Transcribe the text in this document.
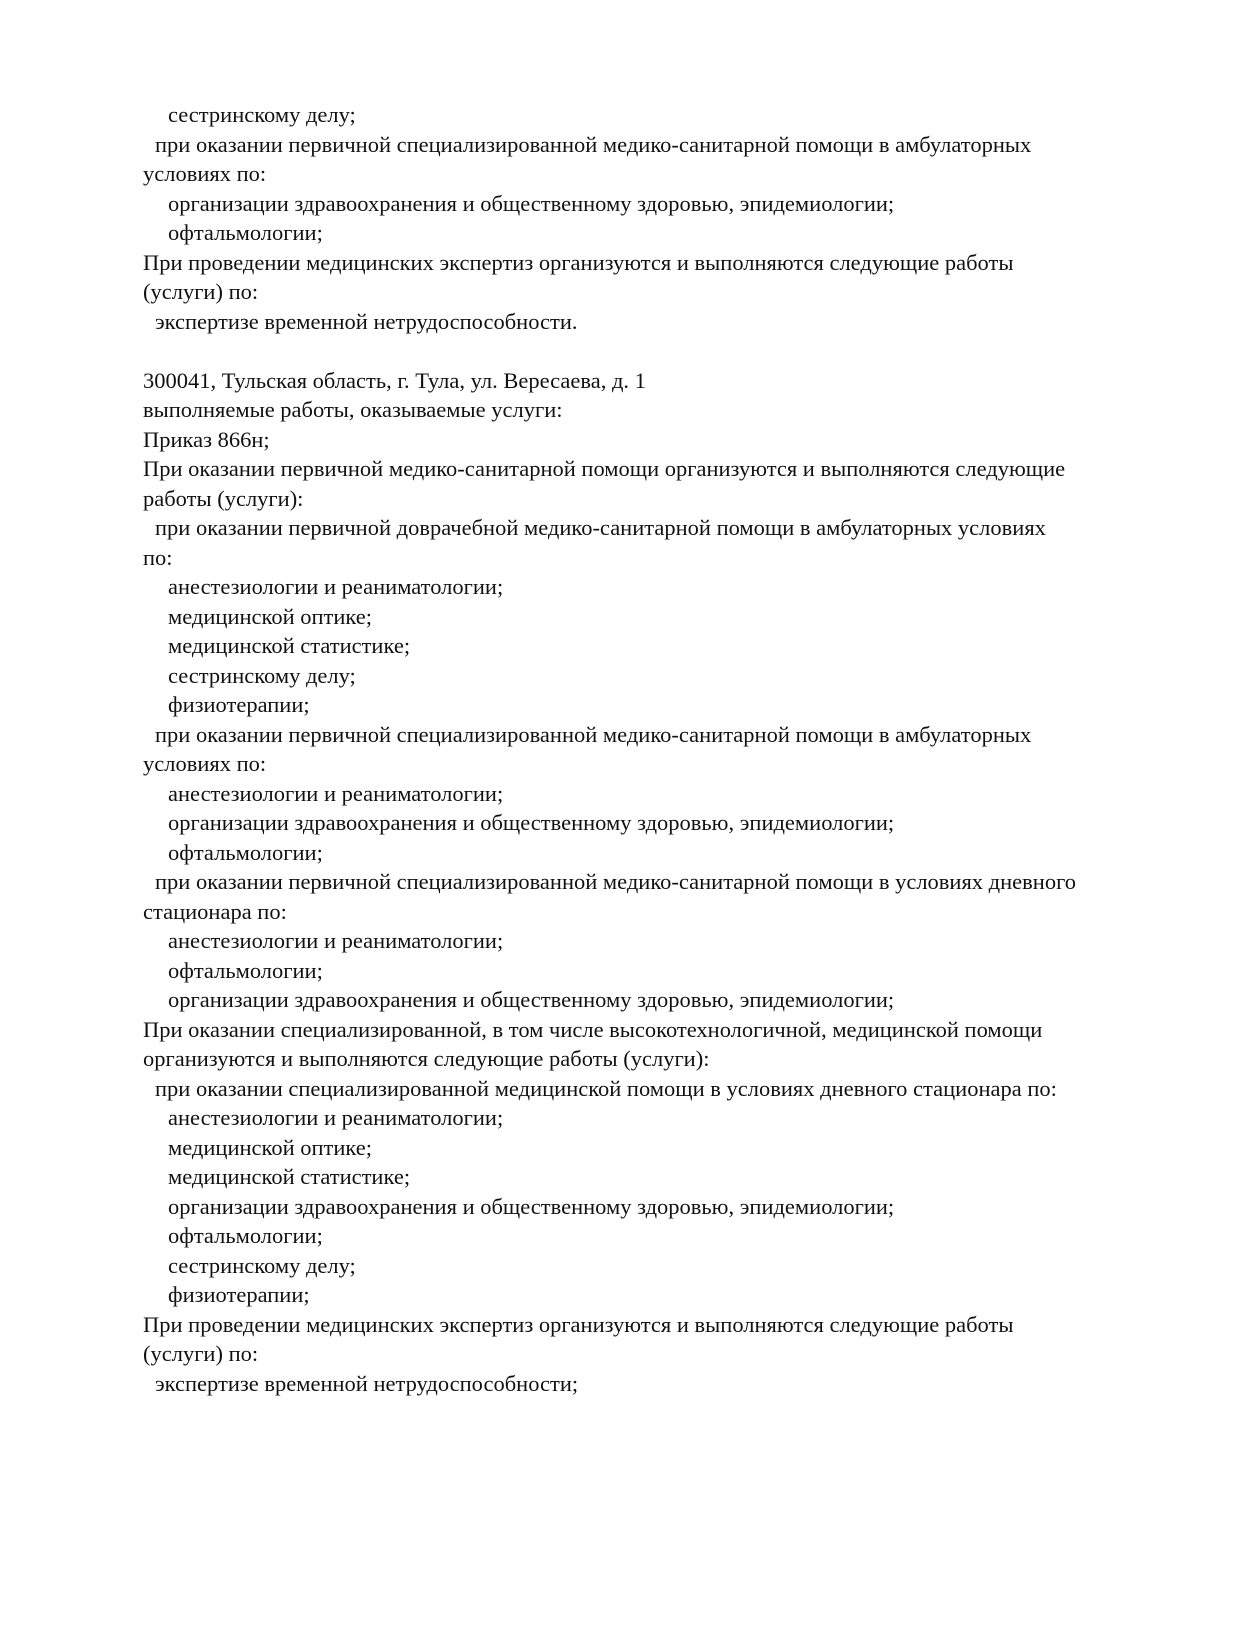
сестринскому делу;
при оказании первичной специализированной медико-санитарной помощи в амбулаторных
условиях по:
организации здравоохранения и общественному здоровью, эпидемиологии;
офтальмологии;
При проведении медицинских экспертиз организуются и выполняются следующие работы
(услуги) по:
экспертизе временной нетрудоспособности.
300041, Тульская область, г. Тула, ул. Вересаева, д. 1
выполняемые работы, оказываемые услуги:
Приказ 866н;
При оказании первичной медико-санитарной помощи организуются и выполняются следующие
работы (услуги):
при оказании первичной доврачебной медико-санитарной помощи в амбулаторных условиях
по:
анестезиологии и реаниматологии;
медицинской оптике;
медицинской статистике;
сестринскому делу;
физиотерапии;
при оказании первичной специализированной медико-санитарной помощи в амбулаторных
условиях по:
анестезиологии и реаниматологии;
организации здравоохранения и общественному здоровью, эпидемиологии;
офтальмологии;
при оказании первичной специализированной медико-санитарной помощи в условиях дневного
стационара по:
анестезиологии и реаниматологии;
офтальмологии;
организации здравоохранения и общественному здоровью, эпидемиологии;
При оказании специализированной, в том числе высокотехнологичной, медицинской помощи
организуются и выполняются следующие работы (услуги):
при оказании специализированной медицинской помощи в условиях дневного стационара по:
анестезиологии и реаниматологии;
медицинской оптике;
медицинской статистике;
организации здравоохранения и общественному здоровью, эпидемиологии;
офтальмологии;
сестринскому делу;
физиотерапии;
При проведении медицинских экспертиз организуются и выполняются следующие работы
(услуги) по:
экспертизе временной нетрудоспособности;
